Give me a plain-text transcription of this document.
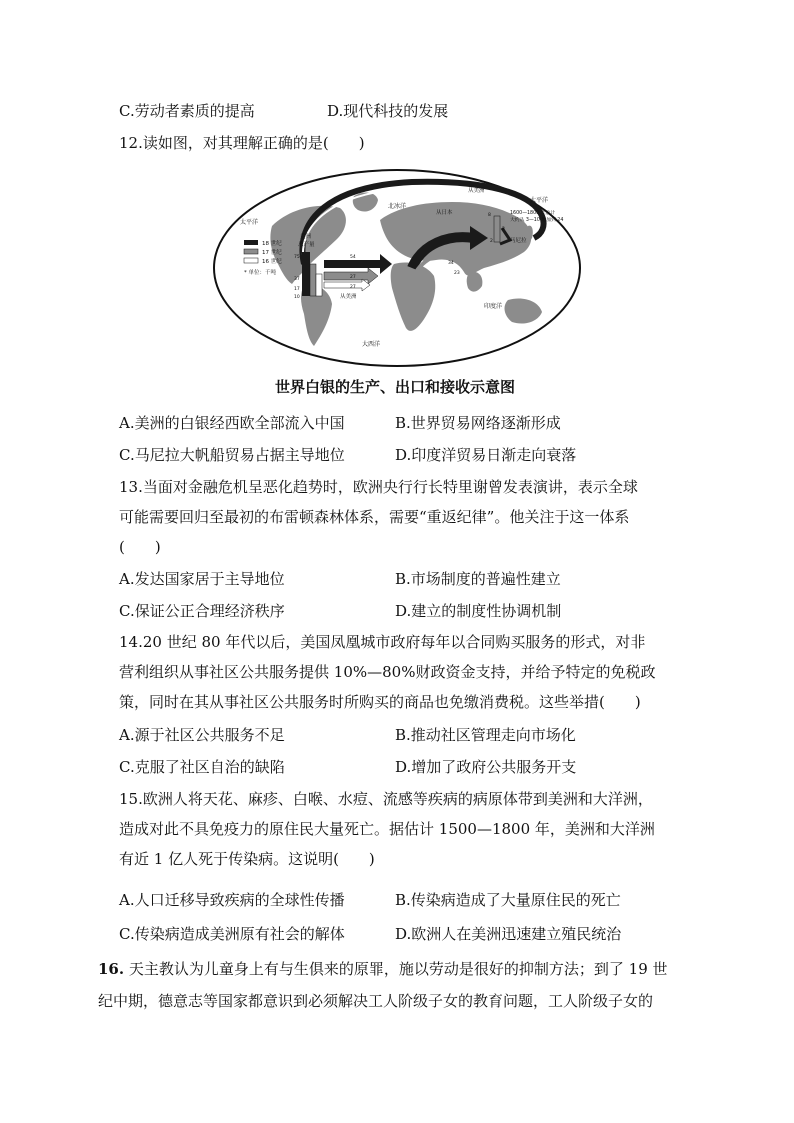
C.劳动者素质的提高	D.现代科技的发展
12.读如图，对其理解正确的是(　　)
18 世纪
17 世纪
16 世纪
* 单位：千吨
太平洋
太平洋
北冰洋
大西洋
印度洋
美洲
总产量
从美洲
从美洲
从日本
马尼拉
1600—1800 年总计
大约从 3—10 增加到 24
75	54
37	27
17	27
10
34
23
3
2
8
世界白银的生产、出口和接收示意图
A.美洲的白银经西欧全部流入中国	B.世界贸易网络逐渐形成
C.马尼拉大帆船贸易占据主导地位	D.印度洋贸易日渐走向衰落
13.当面对金融危机呈恶化趋势时，欧洲央行行长特里谢曾发表演讲，表示全球
可能需要回归至最初的布雷顿森林体系，需要“重返纪律”。他关注于这一体系
(　　)
A.发达国家居于主导地位	B.市场制度的普遍性建立
C.保证公正合理经济秩序	D.建立的制度性协调机制
14.20 世纪 80 年代以后，美国凤凰城市政府每年以合同购买服务的形式，对非
营利组织从事社区公共服务提供 10%—80%财政资金支持，并给予特定的免税政
策，同时在其从事社区公共服务时所购买的商品也免缴消费税。这些举措(　　)
A.源于社区公共服务不足	B.推动社区管理走向市场化
C.克服了社区自治的缺陷	D.增加了政府公共服务开支
15.欧洲人将天花、麻疹、白喉、水痘、流感等疾病的病原体带到美洲和大洋洲，
造成对此不具免疫力的原住民大量死亡。据估计 1500—1800 年，美洲和大洋洲
有近 1 亿人死于传染病。这说明(　　)
A.人口迁移导致疾病的全球性传播	B.传染病造成了大量原住民的死亡
C.传染病造成美洲原有社会的解体	D.欧洲人在美洲迅速建立殖民统治
16. 天主教认为儿童身上有与生俱来的原罪，施以劳动是很好的抑制方法；到了 19 世
纪中期，德意志等国家都意识到必须解决工人阶级子女的教育问题，工人阶级子女的
